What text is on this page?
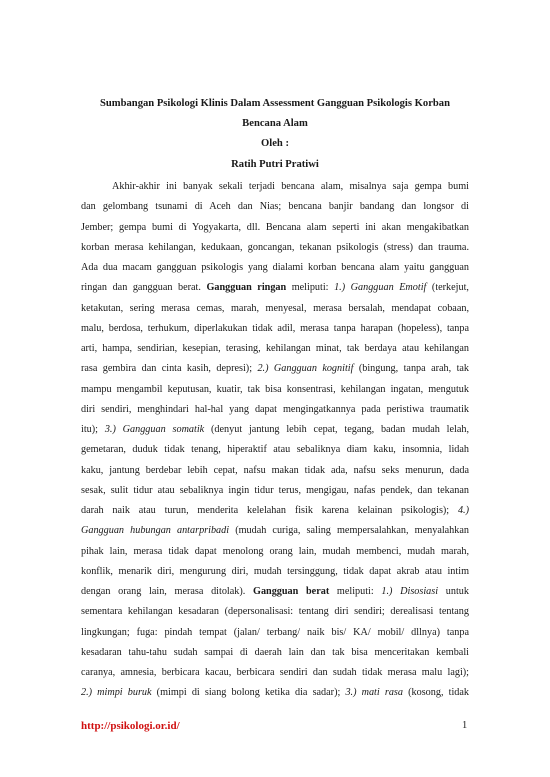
Sumbangan Psikologi Klinis Dalam Assessment Gangguan Psikologis Korban
Bencana Alam
Oleh :
Ratih Putri Pratiwi
Akhir-akhir ini banyak sekali terjadi bencana alam, misalnya saja gempa bumi
dan gelombang tsunami di Aceh dan Nias; bencana banjir bandang dan longsor di
Jember; gempa bumi di Yogyakarta, dll. Bencana alam seperti ini akan mengakibatkan
korban merasa kehilangan, kedukaan, goncangan, tekanan psikologis (stress) dan trauma.
Ada dua macam gangguan psikologis yang dialami korban bencana alam yaitu gangguan
ringan dan gangguan berat. Gangguan ringan meliputi: 1.) Gangguan Emotif (terkejut,
ketakutan, sering merasa cemas, marah, menyesal, merasa bersalah, mendapat cobaan,
malu, berdosa, terhukum, diperlakukan tidak adil, merasa tanpa harapan (hopeless), tanpa
arti, hampa, sendirian, kesepian, terasing, kehilangan minat, tak berdaya atau kehilangan
rasa gembira dan cinta kasih, depresi); 2.) Gangguan kognitif (bingung, tanpa arah, tak
mampu mengambil keputusan, kuatir, tak bisa konsentrasi, kehilangan ingatan, mengutuk
diri sendiri, menghindari hal-hal yang dapat mengingatkannya pada peristiwa traumatik
itu); 3.) Gangguan somatik (denyut jantung lebih cepat, tegang, badan mudah lelah,
gemetaran, duduk tidak tenang, hiperaktif atau sebaliknya diam kaku, insomnia, lidah
kaku, jantung berdebar lebih cepat, nafsu makan tidak ada, nafsu seks menurun, dada
sesak, sulit tidur atau sebaliknya ingin tidur terus, mengigau, nafas pendek, dan tekanan
darah naik atau turun, menderita kelelahan fisik karena kelainan psikologis); 4.)
Gangguan hubungan antarpribadi (mudah curiga, saling mempersalahkan, menyalahkan
pihak lain, merasa tidak dapat menolong orang lain, mudah membenci, mudah marah,
konflik, menarik diri, mengurung diri, mudah tersinggung, tidak dapat akrab atau intim
dengan orang lain, merasa ditolak). Gangguan berat meliputi: 1.) Disosiasi untuk
sementara kehilangan kesadaran (depersonalisasi: tentang diri sendiri; derealisasi tentang
lingkungan; fuga: pindah tempat (jalan/ terbang/ naik bis/ KA/ mobil/ dllnya) tanpa
kesadaran tahu-tahu sudah sampai di daerah lain dan tak bisa menceritakan kembali
caranya, amnesia, berbicara kacau, berbicara sendiri dan sudah tidak merasa malu lagi);
2.) mimpi buruk (mimpi di siang bolong ketika dia sadar); 3.) mati rasa (kosong, tidak
http://psikologi.or.id/	1
